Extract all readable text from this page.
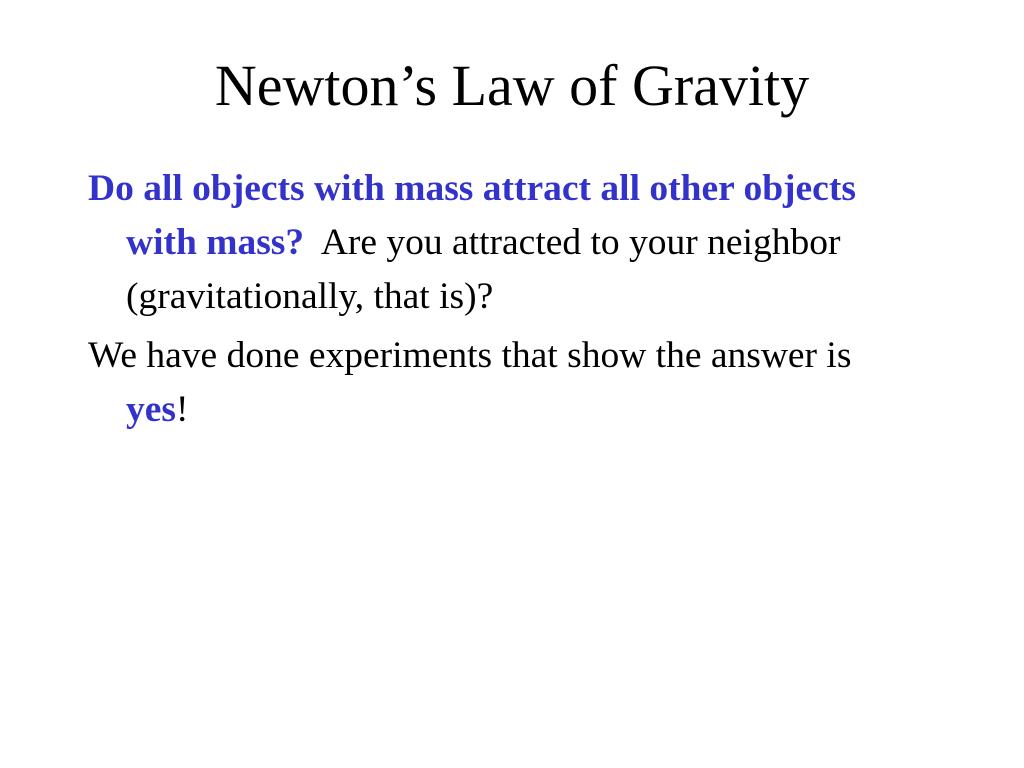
Newton’s Law of Gravity

Do all objects with mass attract all other objects with mass? Are you attracted to your neighbor (gravitationally, that is)?

We have done experiments that show the answer is yes!
